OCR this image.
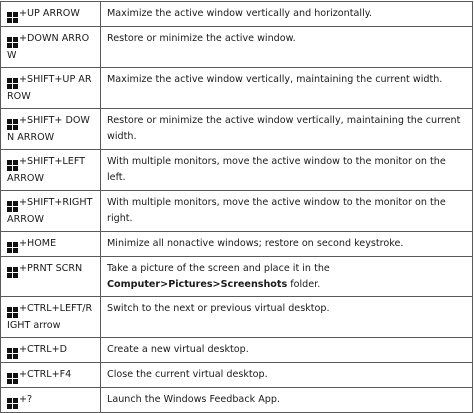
+UP ARROW	Maximize the active window vertically and horizontally.

+DOWN ARROW	Restore or minimize the active window.

+SHIFT+UP ARROW	Maximize the active window vertically, maintaining the current width.

+SHIFT+ DOWN ARROW	Restore or minimize the active window vertically, maintaining the current width.

+SHIFT+LEFT ARROW	With multiple monitors, move the active window to the monitor on the left.

+SHIFT+RIGHT ARROW	With multiple monitors, move the active window to the monitor on the right.

+HOME	Minimize all nonactive windows; restore on second keystroke.

+PRNT SCRN	Take a picture of the screen and place it in the
Computer>Pictures>Screenshots folder.

+CTRL+LEFT/RIGHT arrow	Switch to the next or previous virtual desktop.

+CTRL+D	Create a new virtual desktop.

+CTRL+F4	Close the current virtual desktop.

+?	Launch the Windows Feedback App.
